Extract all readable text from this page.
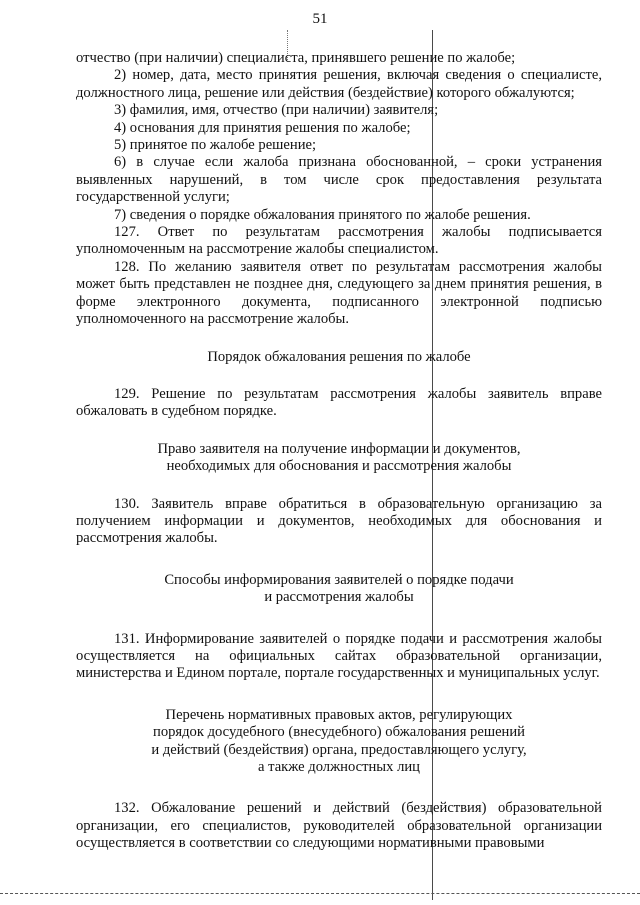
51

отчество (при наличии) специалиста, принявшего решение по жалобе;

2) номер, дата, место принятия решения, включая сведения о специалисте, должностного лица, решение или действия (бездействие) которого обжалуются;

3) фамилия, имя, отчество (при наличии) заявителя;

4) основания для принятия решения по жалобе;

5) принятое по жалобе решение;

6) в случае если жалоба признана обоснованной, – сроки устранения выявленных нарушений, в том числе срок предоставления результата государственной услуги;

7) сведения о порядке обжалования принятого по жалобе решения.

127. Ответ по результатам рассмотрения жалобы подписывается уполномоченным на рассмотрение жалобы специалистом.

128. По желанию заявителя ответ по результатам рассмотрения жалобы может быть представлен не позднее дня, следующего за днем принятия решения, в форме электронного документа, подписанного электронной подписью уполномоченного на рассмотрение жалобы.

Порядок обжалования решения по жалобе

129. Решение по результатам рассмотрения жалобы заявитель вправе обжаловать в судебном порядке.

Право заявителя на получение информации и документов,

необходимых для обоснования и рассмотрения жалобы

130. Заявитель вправе обратиться в образовательную организацию за получением информации и документов, необходимых для обоснования и рассмотрения жалобы.

Способы информирования заявителей о порядке подачи

и рассмотрения жалобы

131. Информирование заявителей о порядке подачи и рассмотрения жалобы осуществляется на официальных сайтах образовательной организации, министерства и Едином портале, портале государственных и муниципальных услуг.

Перечень нормативных правовых актов, регулирующих

порядок досудебного (внесудебного) обжалования решений

и действий (бездействия) органа, предоставляющего услугу,

а также должностных лиц

132. Обжалование решений и действий (бездействия) образовательной организации, его специалистов, руководителей образовательной организации осуществляется в соответствии со следующими нормативными правовыми
